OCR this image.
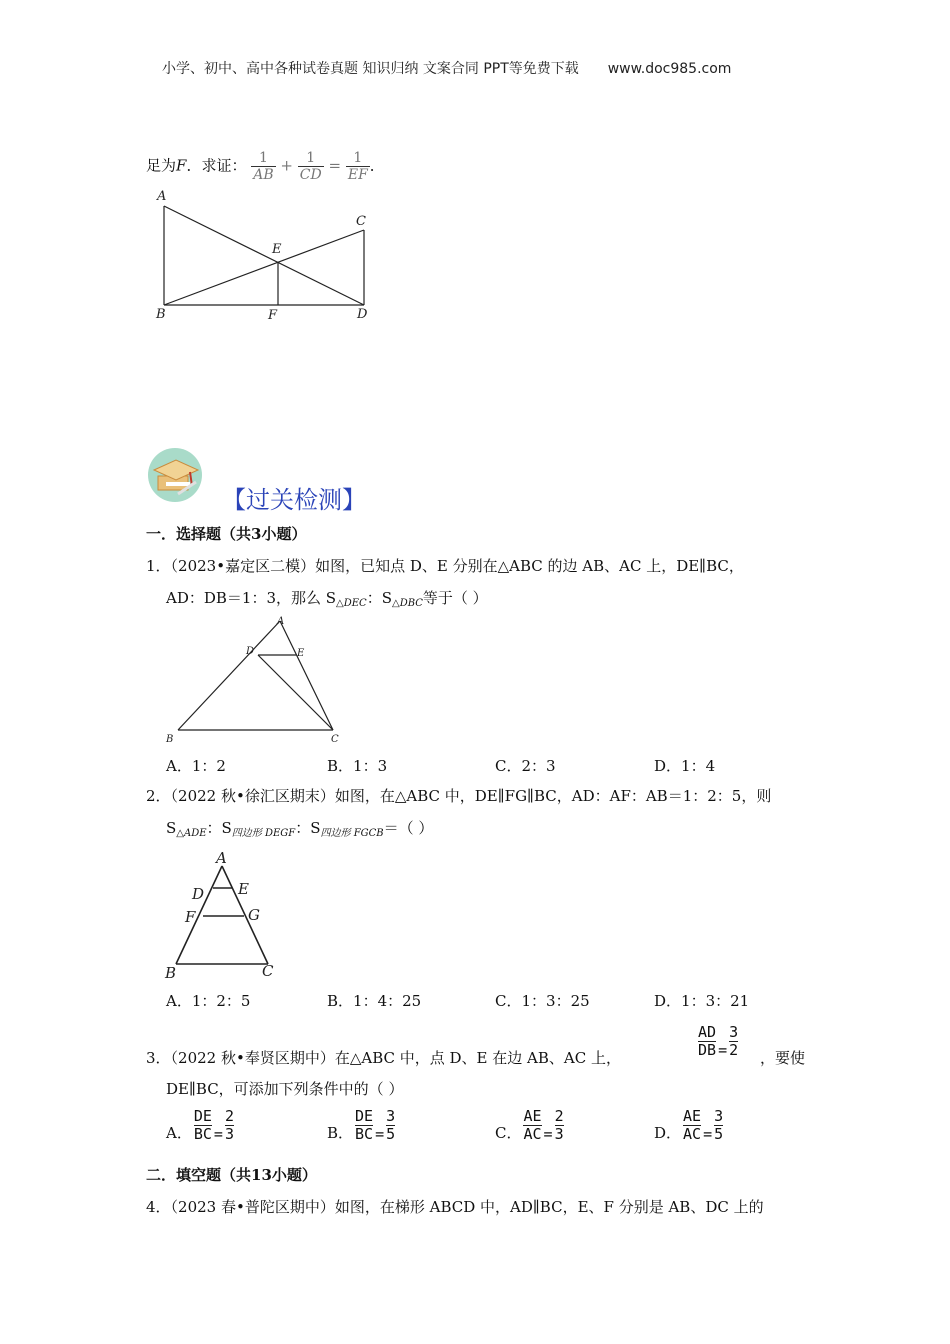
小学、初中、高中各种试卷真题 知识归纳 文案合同 PPT等免费下载 www.doc985.com
足为F．求证： $\frac{1}{AB} + \frac{1}{CD} = \frac{1}{EF}$ ．
A
C
E
B	F	D
【过关检测】
一．选择题（共3小题）
1．（2023•嘉定区二模）如图，已知点 D、E 分别在△ABC 的边 AB、AC 上，DE∥BC，
AD：DB＝1：3，那么 $S_{\triangle DEC}$：$S_{\triangle DBC}$等于（ ）
A
D	E
B	C
A．1：2	B．1：3	C．2：3	D．1：4
2．（2022 秋•徐汇区期末）如图，在△ABC 中，DE∥FG∥BC，AD：AF：AB＝1：2：5，则
$S_{\triangle ADE}$：$S_{四边形 DEGF}$：$S_{四边形 FGCB}=$（ ）
A
D E
F	G
B	C
A．1：2：5	B．1：4：25	C．1：3：25	D．1：3：21
3．（2022 秋•奉贤区期中）在△ABC 中，点 D、E 在边 AB、AC 上，	$\frac{AD}{DB} = \frac{3}{2}$ ，要使
DE∥BC，可添加下列条件中的（ ）
A． $\frac{DE}{BC} = \frac{2}{3}$	B． $\frac{DE}{BC} = \frac{3}{5}$	C． $\frac{AE}{AC} = \frac{2}{3}$	D． $\frac{AE}{AC} = \frac{3}{5}$
二．填空题（共13小题）
4．（2023 春•普陀区期中）如图，在梯形 ABCD 中，AD∥BC，E、F 分别是 AB、DC 上的
